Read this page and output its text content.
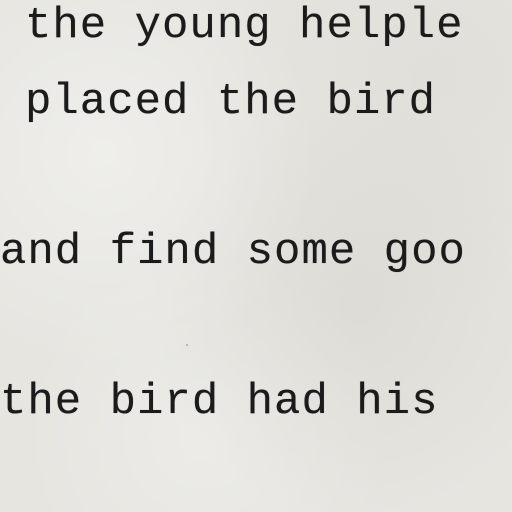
the young helple
placed the bird
and find some goo
the bird had his
